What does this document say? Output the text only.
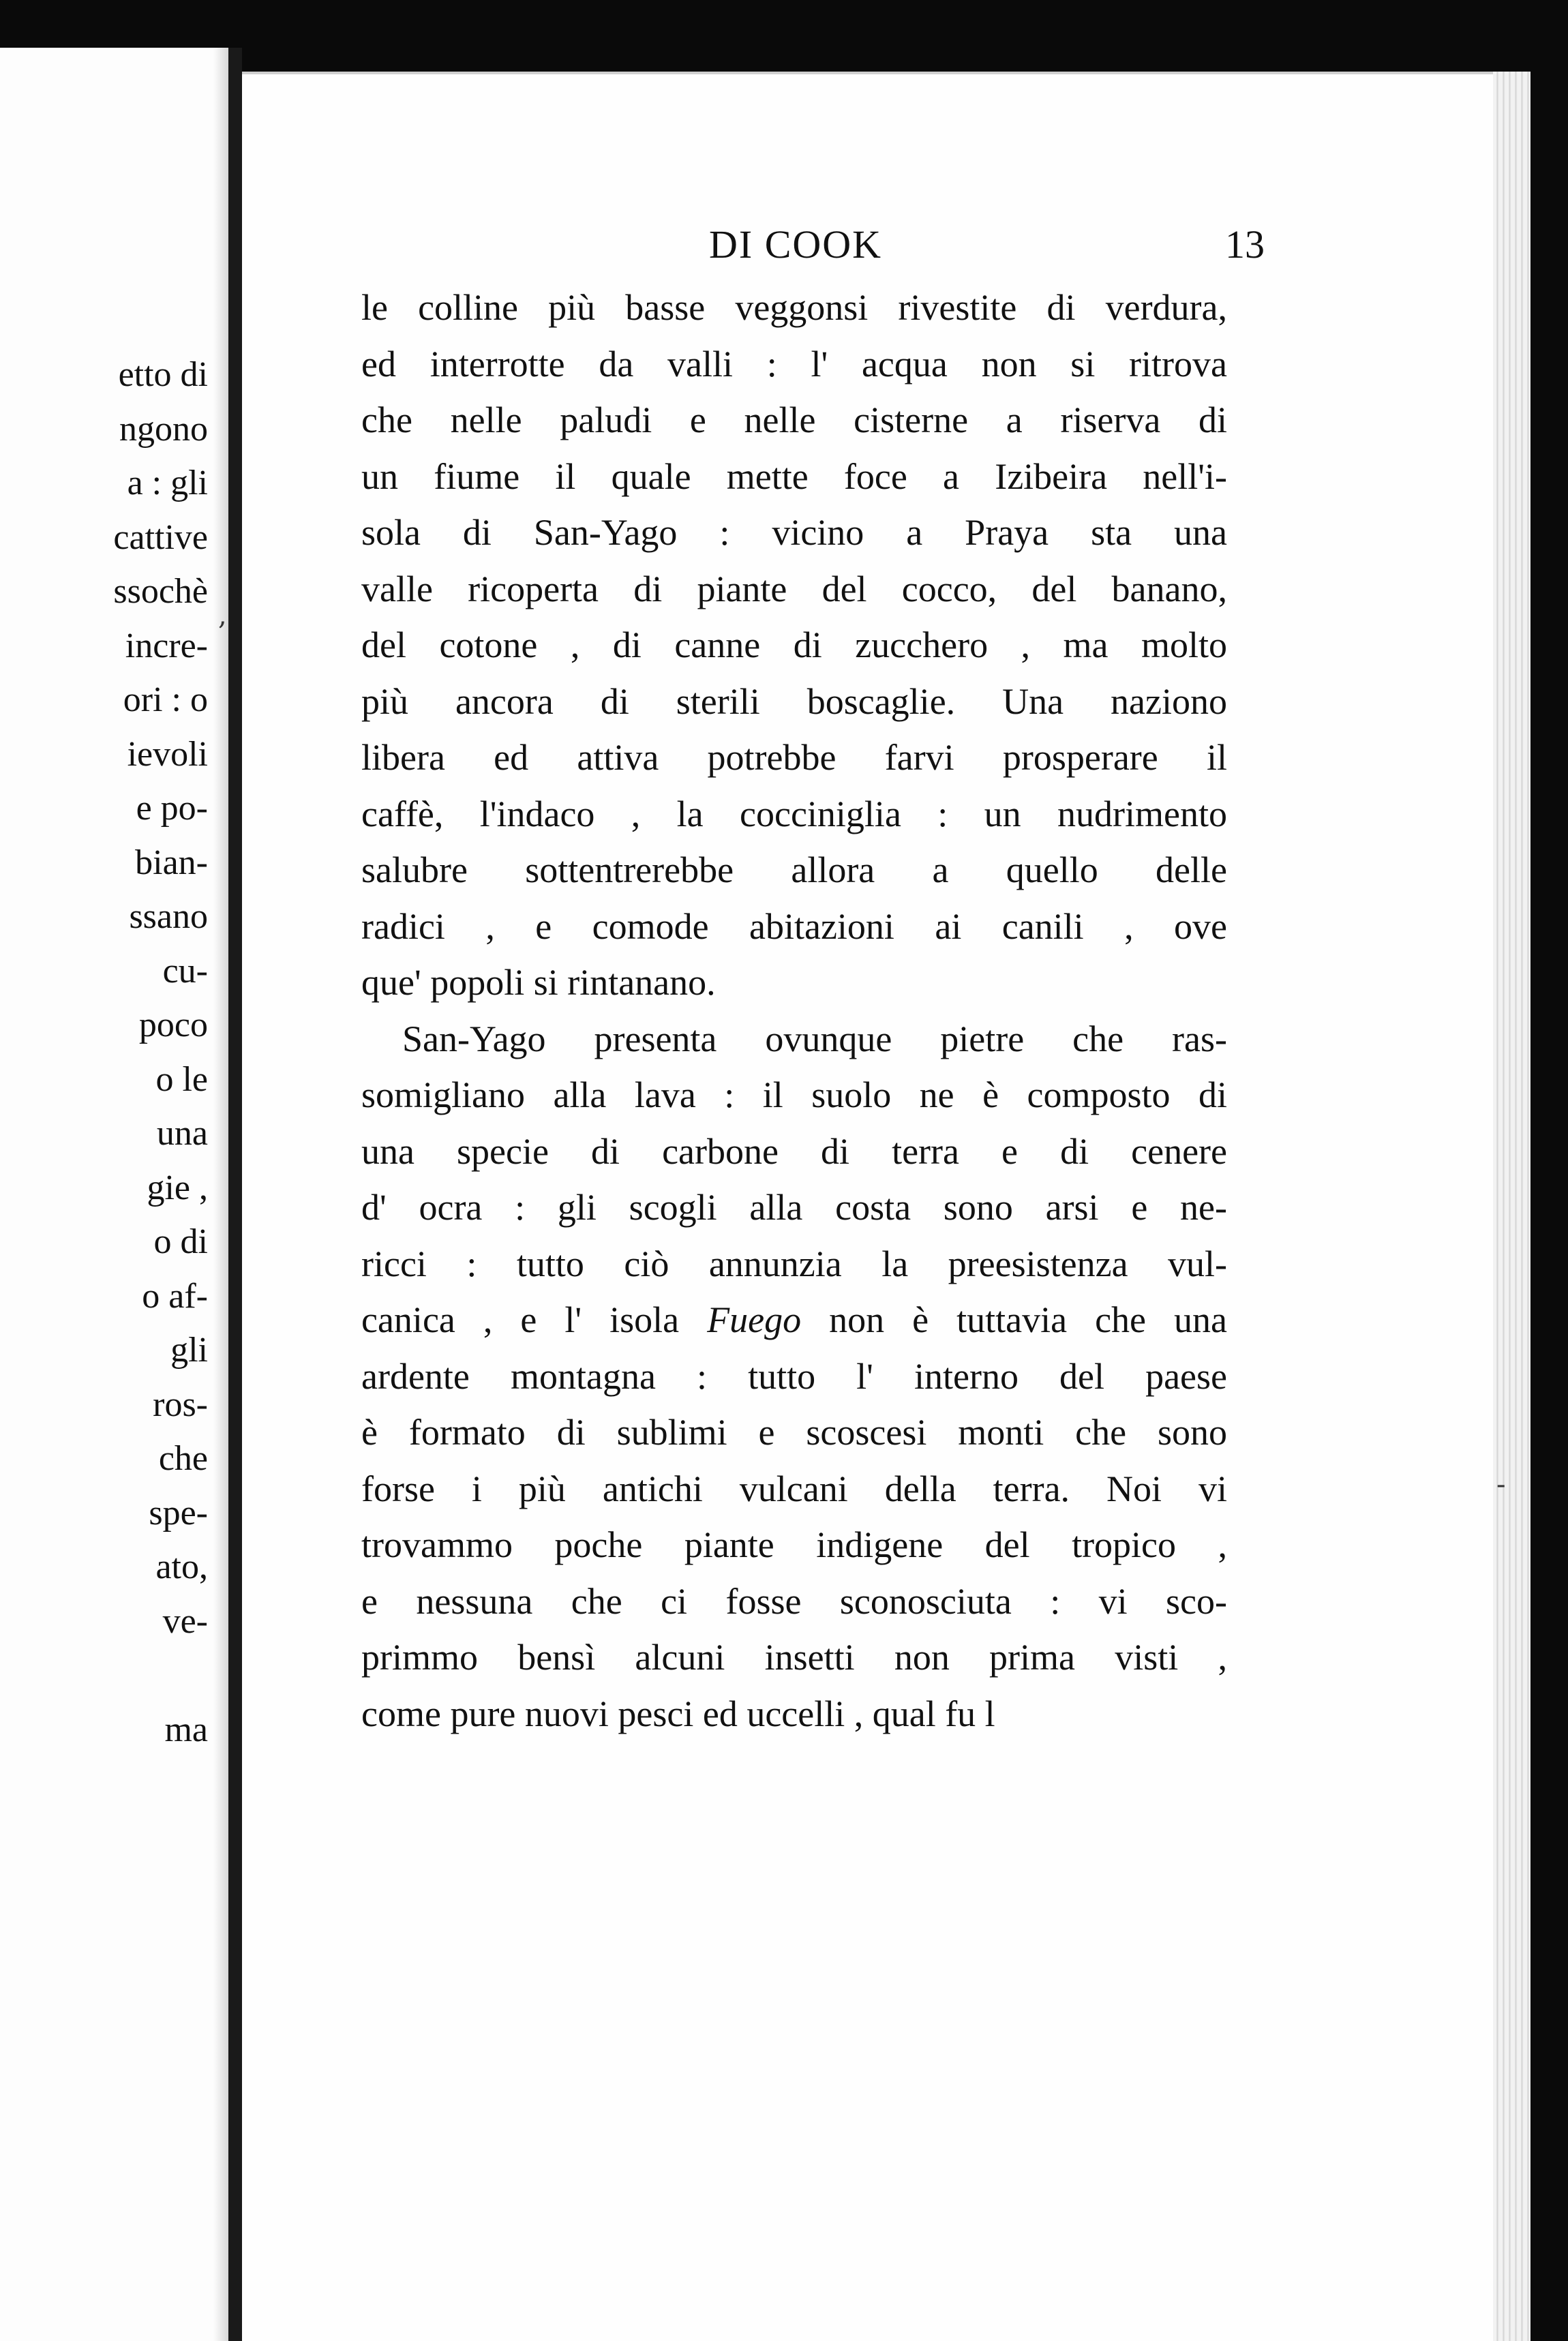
etto di
ngono
a : gli
cattive
ssochè
incre-
ori : o
ievoli
e po-
bian-
ssano
cu-
poco
o le
una
gie ,
o di
o af-
gli
ros-
che
spe-
ato,
ve-
ma
DI COOK	13
le colline più basse veggonsi rivestite di verdura,
ed interrotte da valli : l' acqua non si ritrova
che nelle paludi e nelle cisterne a riserva di
un fiume il quale mette foce a Izibeira nell'i-
sola di San-Yago : vicino a Praya sta una
valle ricoperta di piante del cocco, del banano,
del cotone , di canne di zucchero , ma molto
più ancora di sterili boscaglie. Una naziono
libera ed attiva potrebbe farvi prosperare il
caffè, l'indaco , la cocciniglia : un nudrimento
salubre sottentrerebbe allora a quello delle
radici , e comode abitazioni ai canili , ove
que' popoli si rintanano.
San-Yago presenta ovunque pietre che ras-
somigliano alla lava : il suolo ne è composto di
una specie di carbone di terra e di cenere
d' ocra : gli scogli alla costa sono arsi e ne-
ricci : tutto ciò annunzia la preesistenza vul-
canica , e l' isola Fuego non è tuttavia che una
ardente montagna : tutto l' interno del paese
è formato di sublimi e scoscesi monti che sono
forse i più antichi vulcani della terra. Noi vi
trovammo poche piante indigene del tropico ,
e nessuna che ci fosse sconosciuta : vi sco-
primmo bensì alcuni insetti non prima visti ,
come pure nuovi pesci ed uccelli , qual fu l
-
,
